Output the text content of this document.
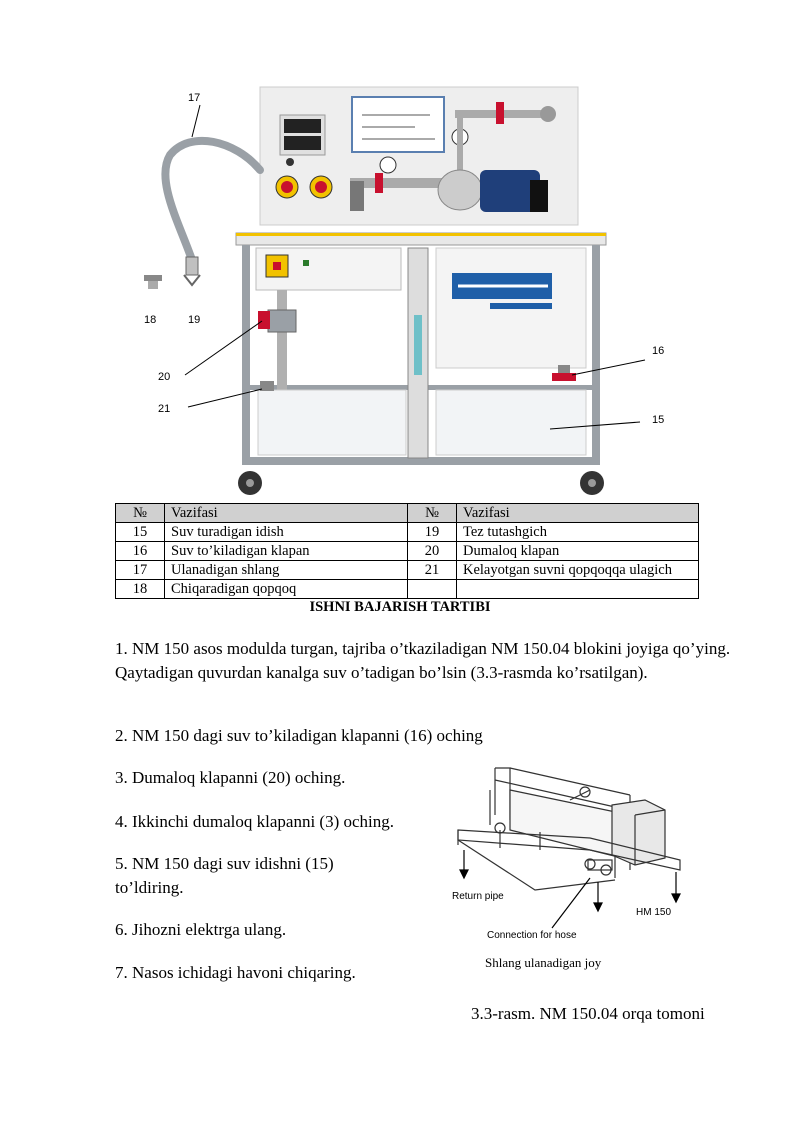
17
18	19
20
21
16
15
№	Vazifasi	№	Vazifasi
15	Suv turadigan idish	19	Tez tutashgich
16	Suv to’kiladigan klapan	20	Dumaloq klapan
17	Ulanadigan shlang	21	Kelayotgan suvni qopqoqqa ulagich
18	Chiqaradigan qopqoq		
ISHNI BAJARISH TARTIBI
1. NM 150 asos modulda turgan, tajriba o’tkaziladigan NM 150.04 blokini joyiga qo’ying. Qaytadigan quvurdan kanalga suv o’tadigan bo’lsin (3.3-rasmda ko’rsatilgan).
2. NM 150 dagi suv to’kiladigan klapanni (16) oching
3. Dumaloq klapanni (20) oching.
4. Ikkinchi dumaloq klapanni (3) oching.
5. NM 150 dagi suv idishni (15) to’ldiring.
6. Jihozni elektrga ulang.
7. Nasos ichidagi havoni chiqaring.
Return pipe
HM 150
Connection for hose
Shlang ulanadigan joy
3.3-rasm. NM 150.04 orqa tomoni
